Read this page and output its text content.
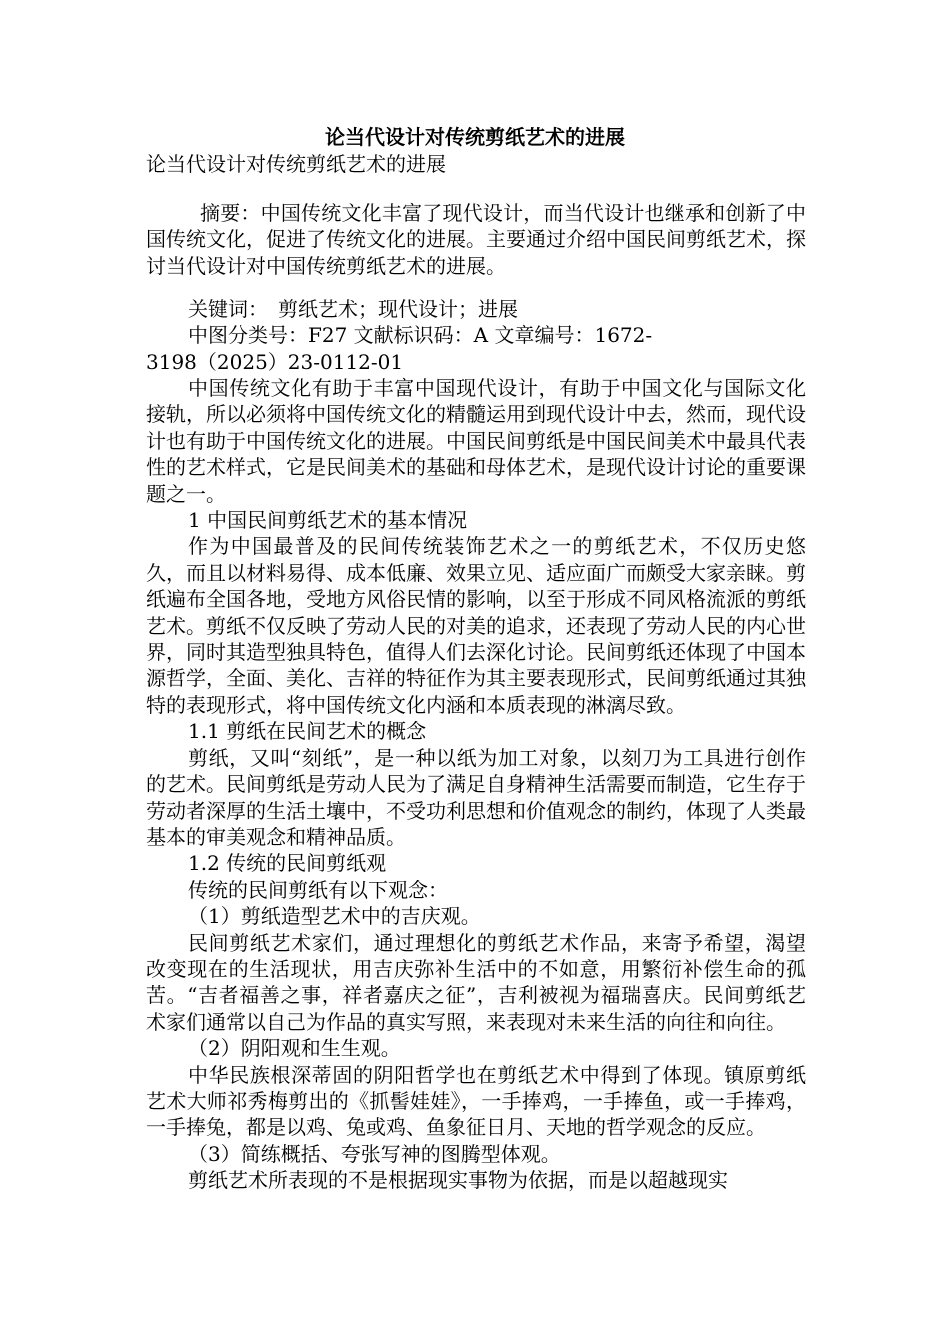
论当代设计对传统剪纸艺术的进展
论当代设计对传统剪纸艺术的进展

摘要：中国传统文化丰富了现代设计，而当代设计也继承和创新了中国传统文化，促进了传统文化的进展。主要通过介绍中国民间剪纸艺术，探讨当代设计对中国传统剪纸艺术的进展。

关键词：　剪纸艺术；现代设计；进展

中图分类号：F27 文献标识码：A 文章编号：1672-

3198（2025）23-0112-01

中国传统文化有助于丰富中国现代设计，有助于中国文化与国际文化接轨，所以必须将中国传统文化的精髓运用到现代设计中去，然而，现代设计也有助于中国传统文化的进展。中国民间剪纸是中国民间美术中最具代表性的艺术样式，它是民间美术的基础和母体艺术，是现代设计讨论的重要课题之一。

1 中国民间剪纸艺术的基本情况

作为中国最普及的民间传统装饰艺术之一的剪纸艺术，不仅历史悠久，而且以材料易得、成本低廉、效果立见、适应面广而颇受大家亲睐。剪纸遍布全国各地，受地方风俗民情的影响，以至于形成不同风格流派的剪纸艺术。剪纸不仅反映了劳动人民的对美的追求，还表现了劳动人民的内心世界，同时其造型独具特色，值得人们去深化讨论。民间剪纸还体现了中国本源哲学，全面、美化、吉祥的特征作为其主要表现形式，民间剪纸通过其独特的表现形式，将中国传统文化内涵和本质表现的淋漓尽致。

1.1 剪纸在民间艺术的概念

剪纸，又叫“刻纸”，是一种以纸为加工对象，以刻刀为工具进行创作的艺术。民间剪纸是劳动人民为了满足自身精神生活需要而制造，它生存于劳动者深厚的生活土壤中，不受功利思想和价值观念的制约，体现了人类最基本的审美观念和精神品质。

1.2 传统的民间剪纸观

传统的民间剪纸有以下观念：

（1）剪纸造型艺术中的吉庆观。

民间剪纸艺术家们，通过理想化的剪纸艺术作品，来寄予希望，渴望改变现在的生活现状，用吉庆弥补生活中的不如意，用繁衍补偿生命的孤苦。“吉者福善之事，祥者嘉庆之征”，吉利被视为福瑞喜庆。民间剪纸艺术家们通常以自己为作品的真实写照，来表现对未来生活的向往和向往。

（2）阴阳观和生生观。

中华民族根深蒂固的阴阳哲学也在剪纸艺术中得到了体现。镇原剪纸艺术大师祁秀梅剪出的《抓髻娃娃》，一手捧鸡，一手捧鱼，或一手捧鸡，一手捧兔，都是以鸡、兔或鸡、鱼象征日月、天地的哲学观念的反应。

（3）简练概括、夸张写神的图腾型体观。

剪纸艺术所表现的不是根据现实事物为依据，而是以超越现实
